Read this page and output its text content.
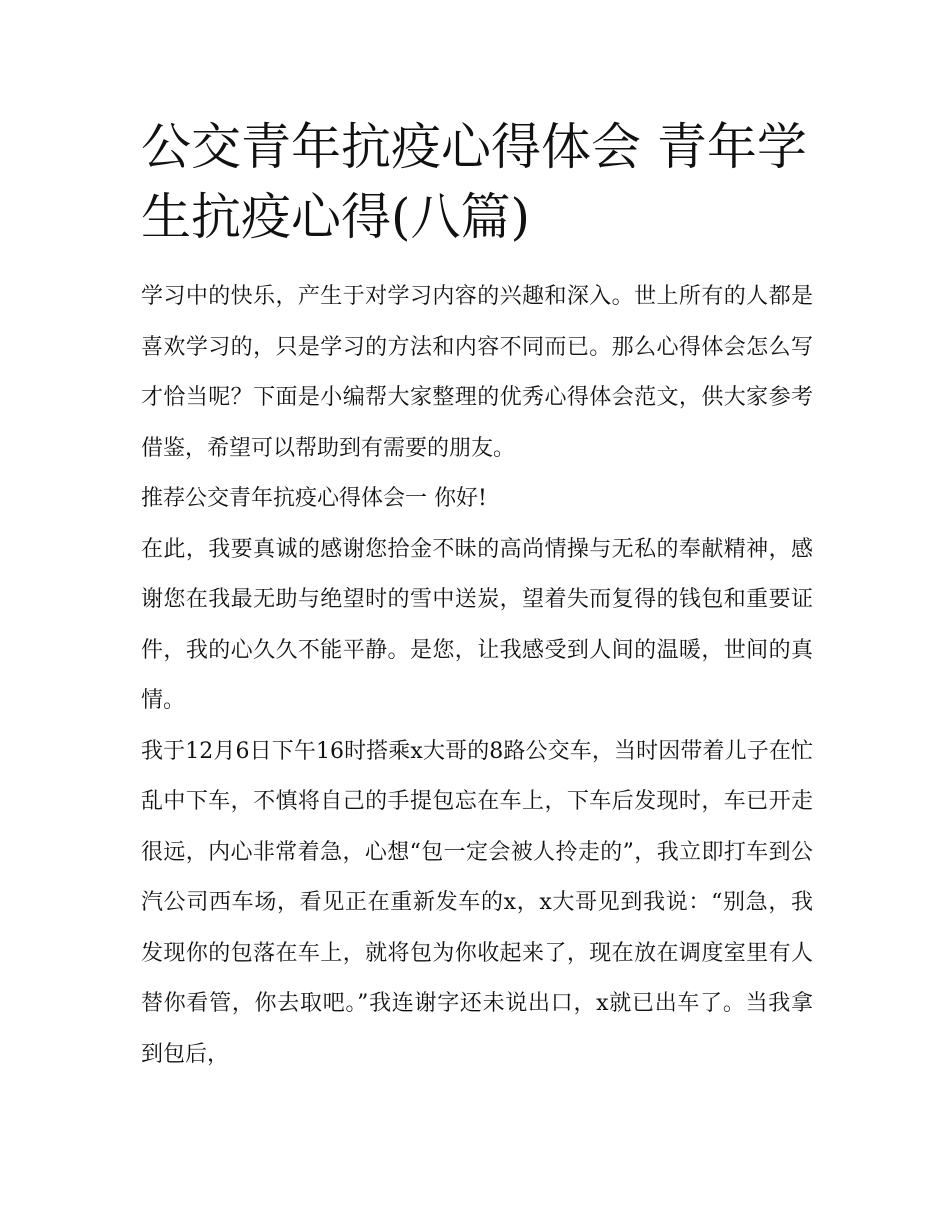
公交青年抗疫心得体会 青年学生抗疫心得(八篇)

学习中的快乐，产生于对学习内容的兴趣和深入。世上所有的人都是喜欢学习的，只是学习的方法和内容不同而已。那么心得体会怎么写才恰当呢？下面是小编帮大家整理的优秀心得体会范文，供大家参考借鉴，希望可以帮助到有需要的朋友。

推荐公交青年抗疫心得体会一 你好!

在此，我要真诚的感谢您拾金不昧的高尚情操与无私的奉献精神，感谢您在我最无助与绝望时的雪中送炭，望着失而复得的钱包和重要证件，我的心久久不能平静。是您，让我感受到人间的温暖，世间的真情。

我于12月6日下午16时搭乘x大哥的8路公交车，当时因带着儿子在忙乱中下车，不慎将自己的手提包忘在车上，下车后发现时，车已开走很远，内心非常着急，心想“包一定会被人拎走的”，我立即打车到公汽公司西车场，看见正在重新发车的x，x大哥见到我说：“别急，我发现你的包落在车上，就将包为你收起来了，现在放在调度室里有人替你看管，你去取吧。”我连谢字还未说出口，x就已出车了。当我拿到包后，
